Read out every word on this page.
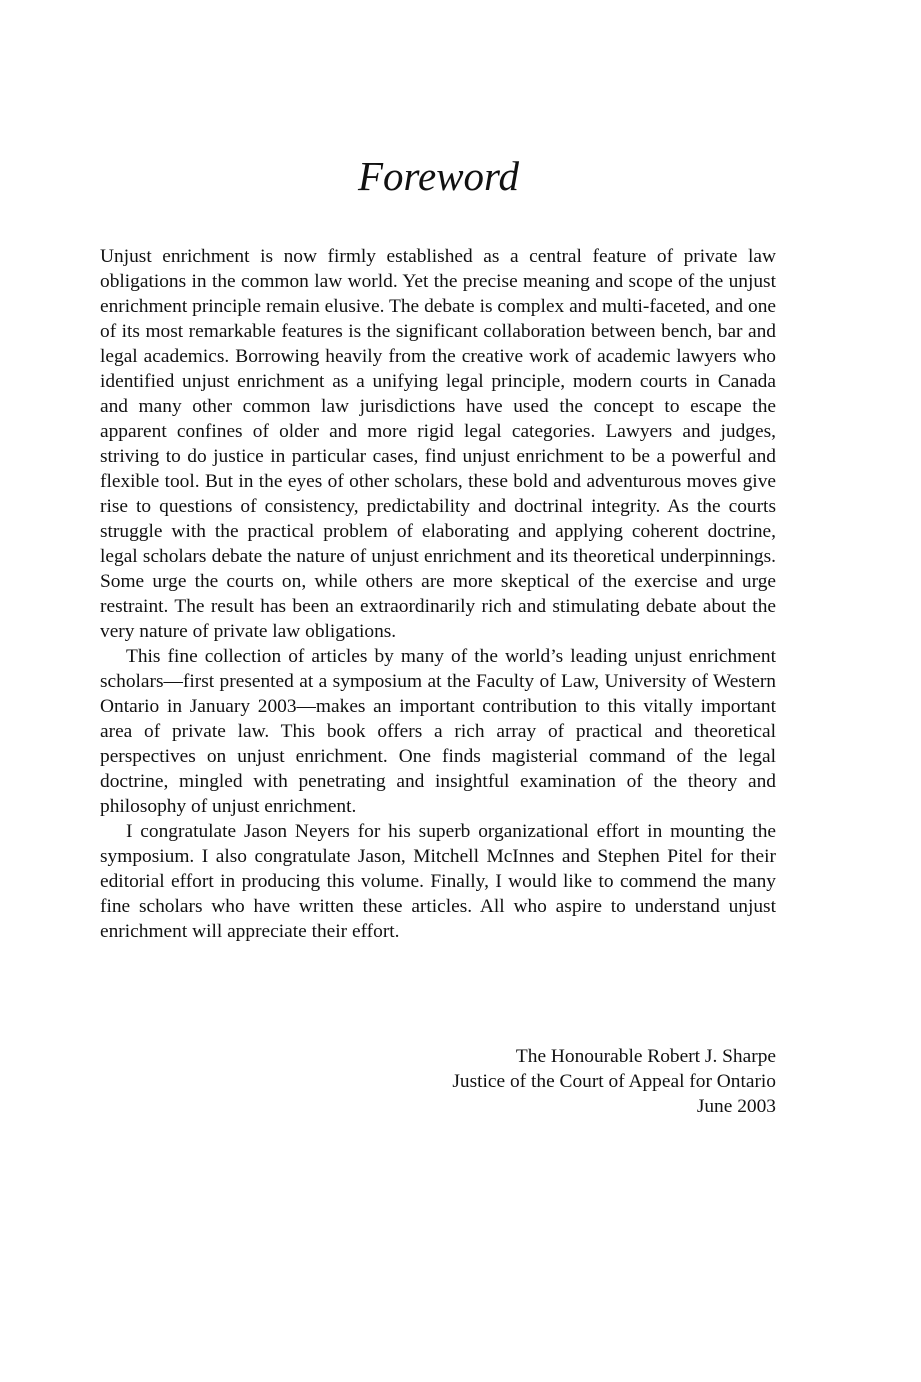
Foreword

Unjust enrichment is now firmly established as a central feature of private law obligations in the common law world. Yet the precise meaning and scope of the unjust enrichment principle remain elusive. The debate is complex and multi-faceted, and one of its most remarkable features is the significant collaboration between bench, bar and legal academics. Borrowing heavily from the creative work of academic lawyers who identified unjust enrichment as a unifying legal principle, modern courts in Canada and many other common law jurisdictions have used the concept to escape the apparent confines of older and more rigid legal categories. Lawyers and judges, striving to do justice in particular cases, find unjust enrichment to be a powerful and flexible tool. But in the eyes of other scholars, these bold and adventurous moves give rise to questions of consistency, predictability and doctrinal integrity. As the courts struggle with the practical problem of elaborating and applying coherent doctrine, legal scholars debate the nature of unjust enrichment and its theoretical underpinnings. Some urge the courts on, while others are more skeptical of the exercise and urge restraint. The result has been an extraordinarily rich and stimulating debate about the very nature of private law obligations.

This fine collection of articles by many of the world’s leading unjust enrichment scholars—first presented at a symposium at the Faculty of Law, University of Western Ontario in January 2003—makes an important contribution to this vitally important area of private law. This book offers a rich array of practical and theoretical perspectives on unjust enrichment. One finds magisterial command of the legal doctrine, mingled with penetrating and insightful examination of the theory and philosophy of unjust enrichment.

I congratulate Jason Neyers for his superb organizational effort in mounting the symposium. I also congratulate Jason, Mitchell McInnes and Stephen Pitel for their editorial effort in producing this volume. Finally, I would like to commend the many fine scholars who have written these articles. All who aspire to understand unjust enrichment will appreciate their effort.

The Honourable Robert J. Sharpe
Justice of the Court of Appeal for Ontario
June 2003
